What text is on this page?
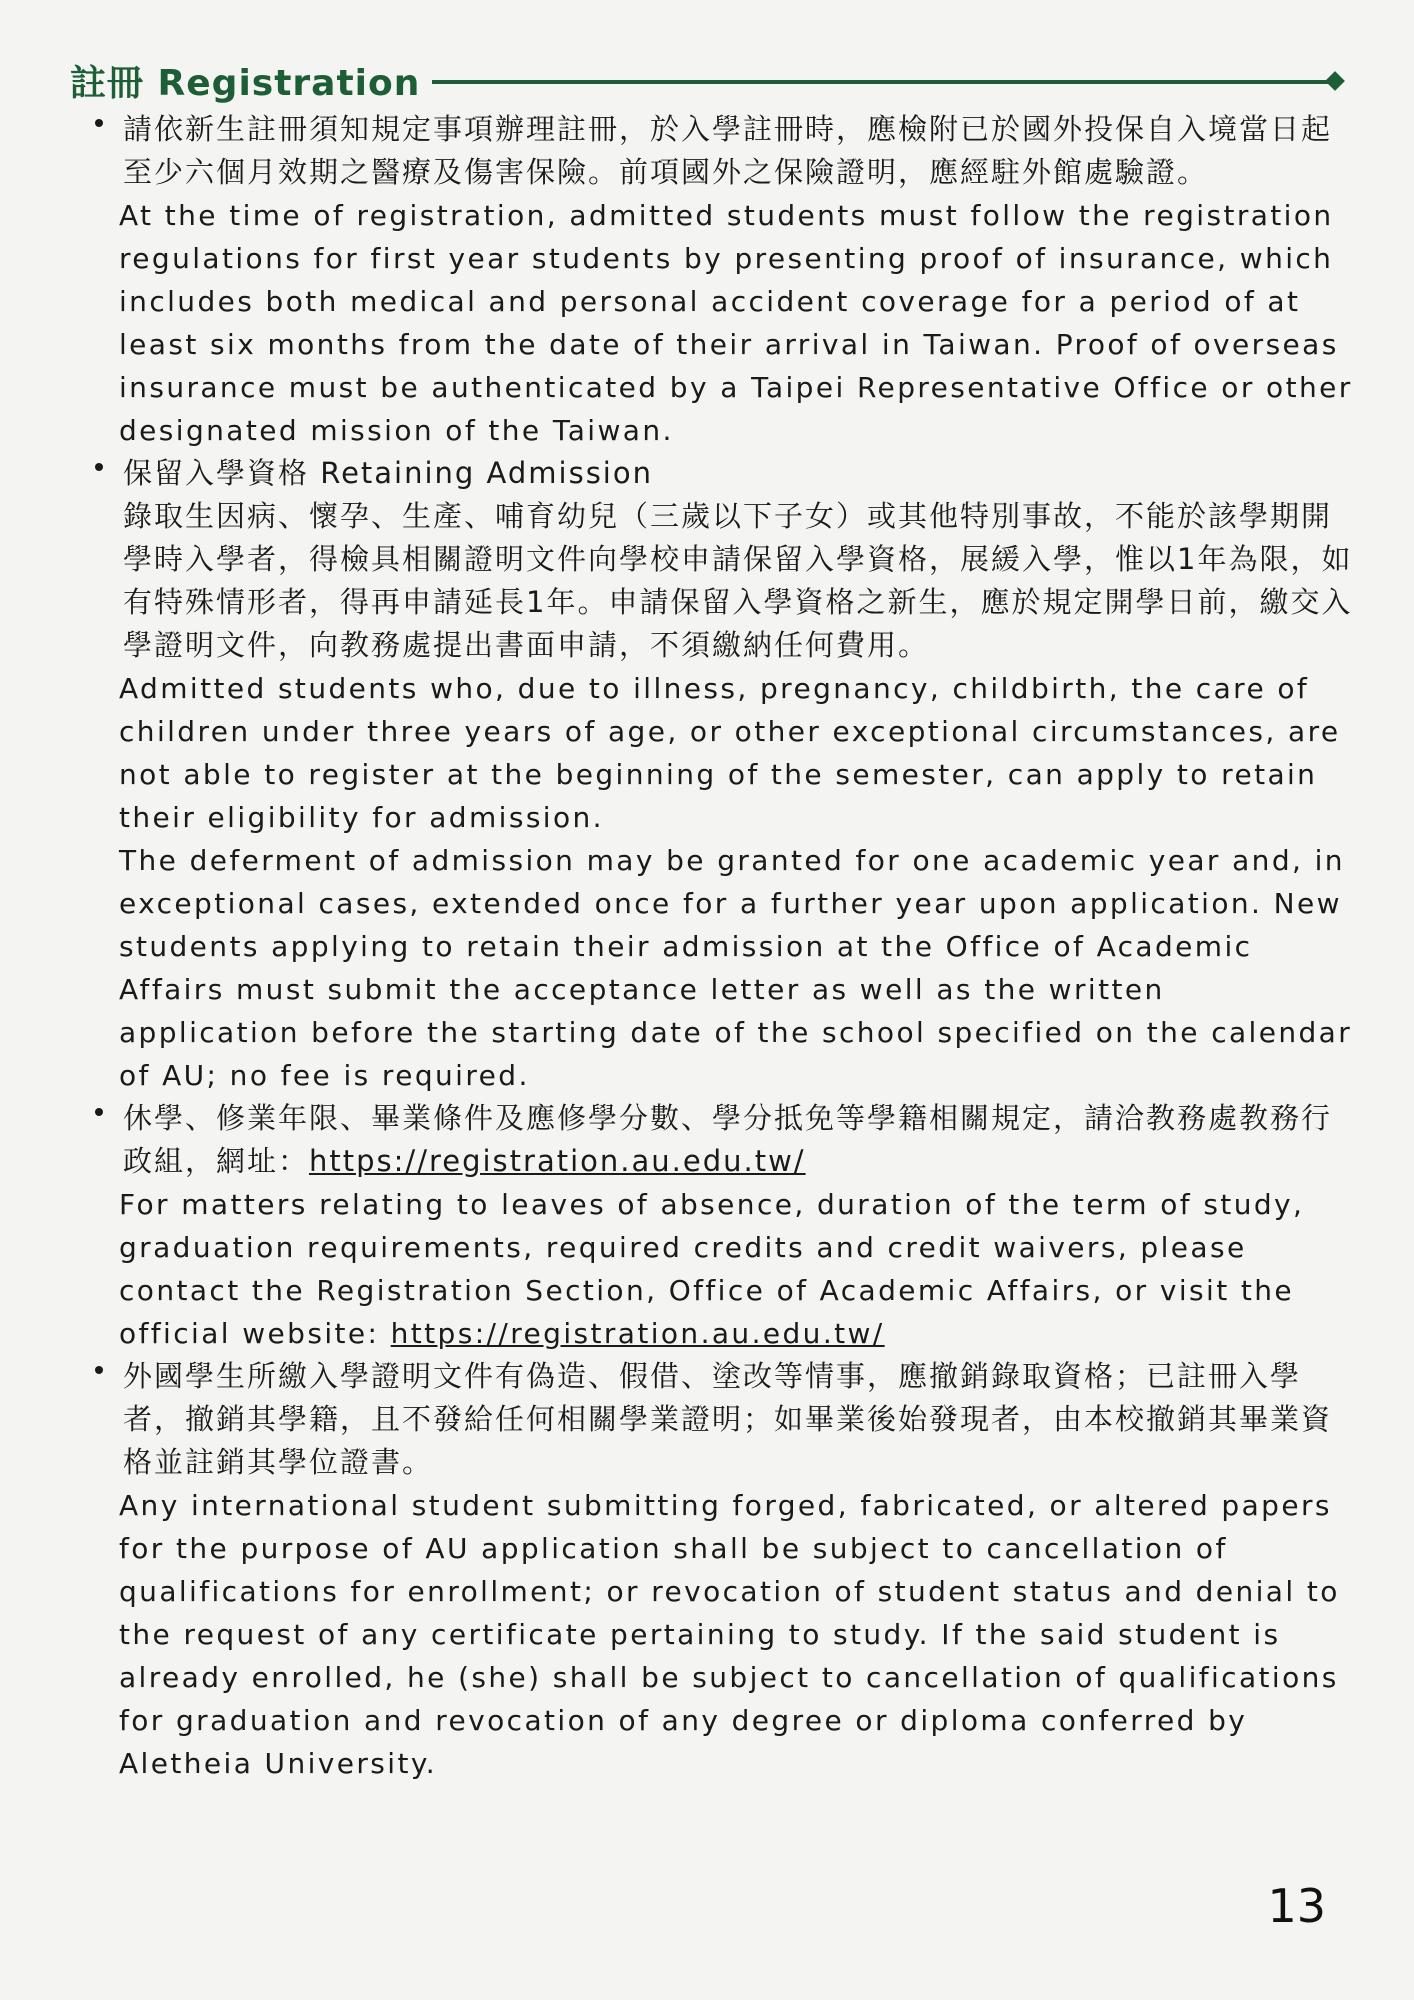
註冊 Registration
請依新生註冊須知規定事項辦理註冊，於入學註冊時，應檢附已於國外投保自入境當日起至少六個月效期之醫療及傷害保險。前項國外之保險證明，應經駐外館處驗證。
At the time of registration, admitted students must follow the registration regulations for first year students by presenting proof of insurance, which includes both medical and personal accident coverage for a period of at least six months from the date of their arrival in Taiwan. Proof of overseas insurance must be authenticated by a Taipei Representative Office or other designated mission of the Taiwan.
保留入學資格 Retaining Admission
錄取生因病、懷孕、生產、哺育幼兒（三歲以下子女）或其他特別事故，不能於該學期開學時入學者，得檢具相關證明文件向學校申請保留入學資格，展緩入學，惟以1年為限，如有特殊情形者，得再申請延長1年。申請保留入學資格之新生，應於規定開學日前，繳交入學證明文件，向教務處提出書面申請，不須繳納任何費用。
Admitted students who, due to illness, pregnancy, childbirth, the care of children under three years of age, or other exceptional circumstances, are not able to register at the beginning of the semester, can apply to retain their eligibility for admission.
The deferment of admission may be granted for one academic year and, in exceptional cases, extended once for a further year upon application. New students applying to retain their admission at the Office of Academic Affairs must submit the acceptance letter as well as the written application before the starting date of the school specified on the calendar of AU; no fee is required.
休學、修業年限、畢業條件及應修學分數、學分抵免等學籍相關規定，請洽教務處教務行政組，網址：https://registration.au.edu.tw/
For matters relating to leaves of absence, duration of the term of study, graduation requirements, required credits and credit waivers, please contact the Registration Section, Office of Academic Affairs, or visit the official website: https://registration.au.edu.tw/
外國學生所繳入學證明文件有偽造、假借、塗改等情事，應撤銷錄取資格；已註冊入學者，撤銷其學籍，且不發給任何相關學業證明；如畢業後始發現者，由本校撤銷其畢業資格並註銷其學位證書。
Any international student submitting forged, fabricated, or altered papers for the purpose of AU application shall be subject to cancellation of qualifications for enrollment; or revocation of student status and denial to the request of any certificate pertaining to study. If the said student is already enrolled, he (she) shall be subject to cancellation of qualifications for graduation and revocation of any degree or diploma conferred by Aletheia University.
13
